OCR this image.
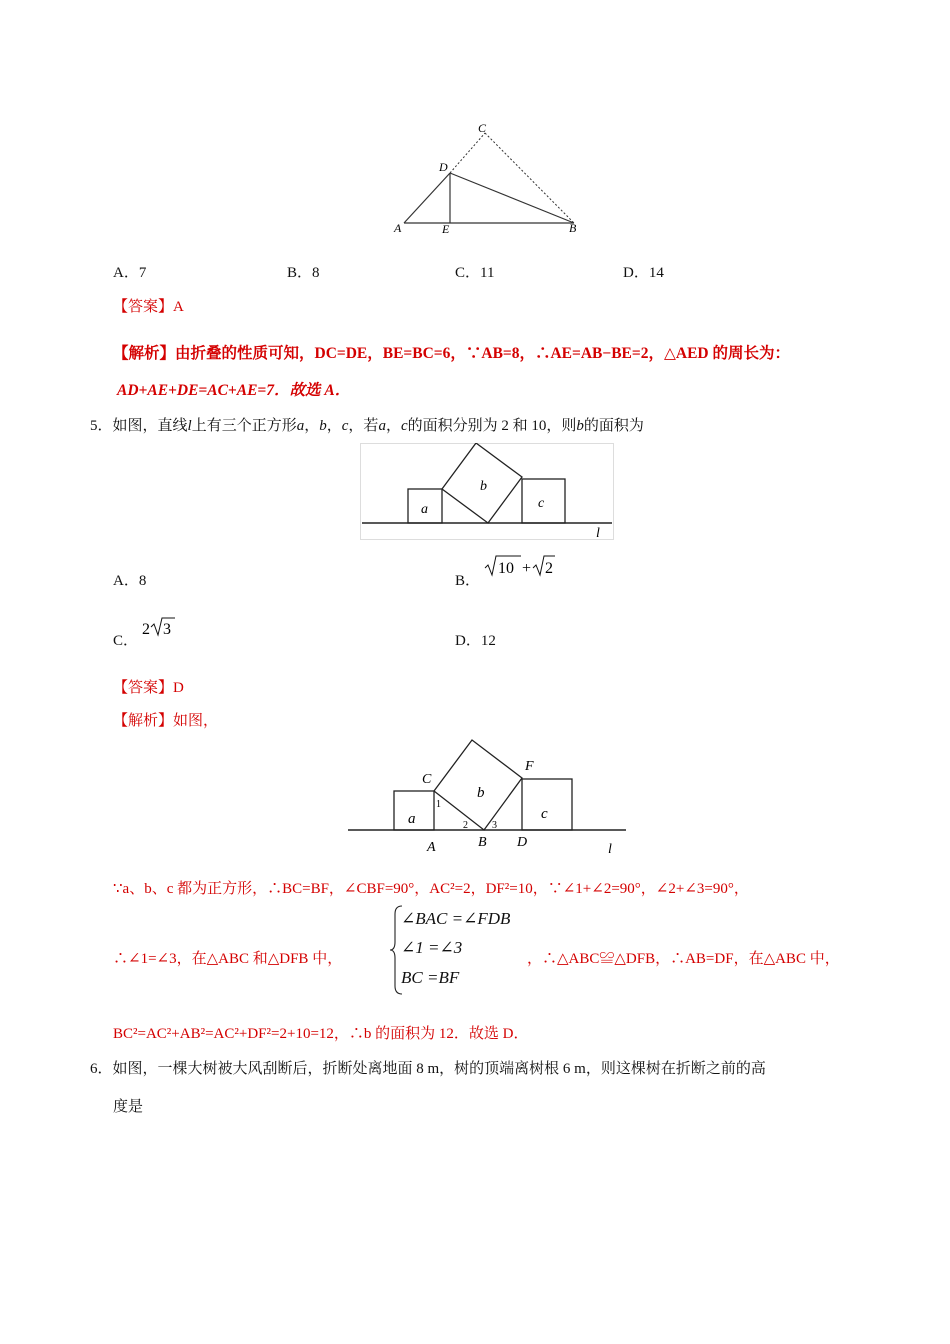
C
D
A	E	B
A．7	B．8	C．11	D．14
【答案】A
【解析】由折叠的性质可知，DC=DE，BE=BC=6，∵AB=8，∴AE=AB−BE=2，△AED 的周长为：
AD+AE+DE=AC+AE=7．故选 A．
5．如图，直线l上有三个正方形a，b，c，若a，c的面积分别为 2 和 10，则b的面积为
a
b
c
l
A．8	B．
10 + 2
C．
2 3
D．12
【答案】D
【解析】如图，
C
F
a
b
c
A	B D	l
1
2 3
∵a、b、c 都为正方形，∴BC=BF，∠CBF=90°，AC²=2，DF²=10，∵∠1+∠2=90°，∠2+∠3=90°，
∴∠1=∠3，在△ABC 和△DFB 中，
∠BAC =∠FDB
∠1 =∠3
BC =BF
，∴△ABC≌△DFB，∴AB=DF，在△ABC 中，
BC²=AC²+AB²=AC²+DF²=2+10=12，∴b 的面积为 12．故选 D．
6．如图，一棵大树被大风刮断后，折断处离地面 8 m，树的顶端离树根 6 m，则这棵树在折断之前的高
度是
